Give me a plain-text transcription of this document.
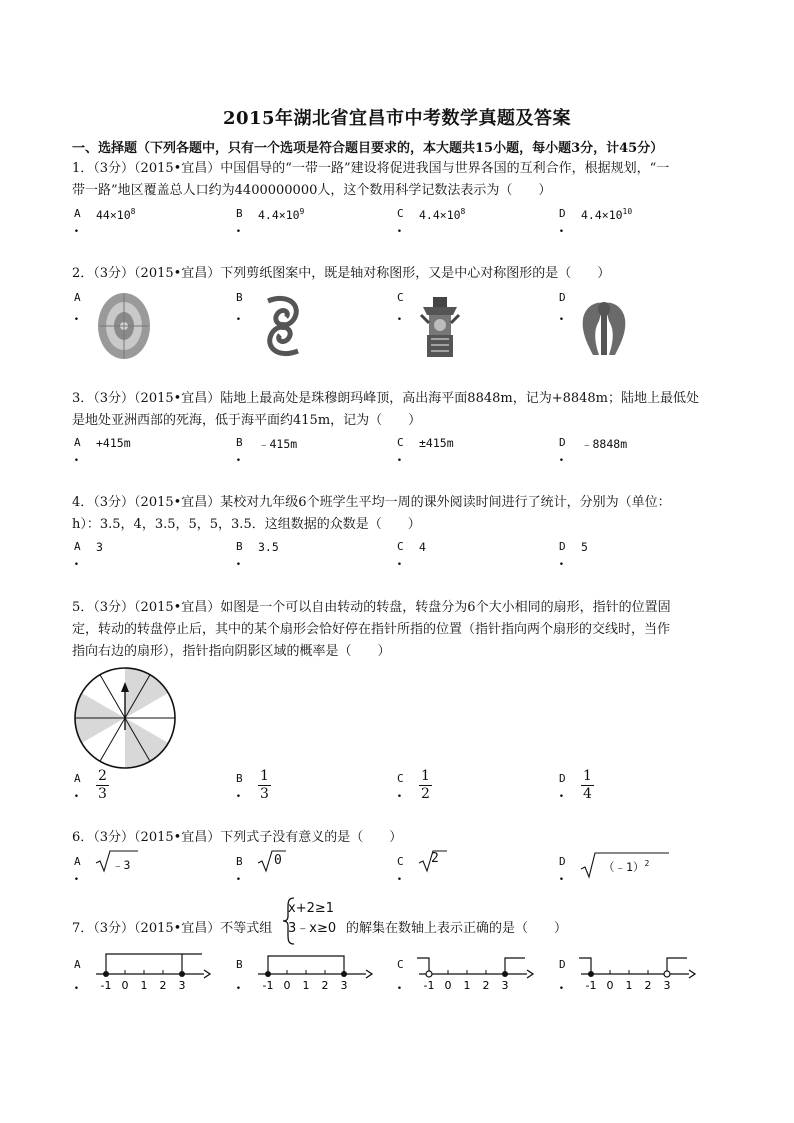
2015年湖北省宜昌市中考数学真题及答案
一、选择题（下列各题中，只有一个选项是符合题目要求的，本大题共15小题，每小题3分，计45分）
1．（3分）（2015•宜昌）中国倡导的“一带一路”建设将促进我国与世界各国的互利合作，根据规划，“一
带一路”地区覆盖总人口约为4400000000人，这个数用科学记数法表示为（　　）
A
.
$44\times 10^8$	B
.
$4.4\times 10^9$	C
.
$4.4\times 10^8$	D
.
$4.4\times 10^{10}$
2．（3分）（2015•宜昌）下列剪纸图案中，既是轴对称图形，又是中心对称图形的是（　　）
A
.
B
.
C
.
D
.
3．（3分）（2015•宜昌）陆地上最高处是珠穆朗玛峰顶，高出海平面8848m，记为+8848m；陆地上最低处
是地处亚洲西部的死海，低于海平面约415m，记为（　　）
A
.
+415m	B
.
﹣415m	C
.
±415m	D
.
﹣8848m
4．（3分）（2015•宜昌）某校对九年级6个班学生平均一周的课外阅读时间进行了统计，分别为（单位：
h）：3.5，4，3.5，5，5，3.5．这组数据的众数是（　　）
A
.
3	B
.
3.5	C
.
4	D
.
5
5．（3分）（2015•宜昌）如图是一个可以自由转动的转盘，转盘分为6个大小相同的扇形，指针的位置固
定，转动的转盘停止后，其中的某个扇形会恰好停在指针所指的位置（指针指向两个扇形的交线时，当作
指向右边的扇形），指针指向阴影区域的概率是（　　）
A
. $\frac{2}{3}$	B
. $\frac{1}{3}$	C
. $\frac{1}{2}$	D
. $\frac{1}{4}$
6．（3分）（2015•宜昌）下列式子没有意义的是（　　）
A
.
﹣3	B
.
0	C
.
2	D
.
（﹣1）$^2$
7．（3分）（2015•宜昌）不等式组
x+2≥1
3﹣x≥0 的解集在数轴上表示正确的是（　　）
A
. -1 0 1 2 3
B
. -1 0 1 2 3
C
. -1 0 1 2 3
D
. -1 0 1 2 3
